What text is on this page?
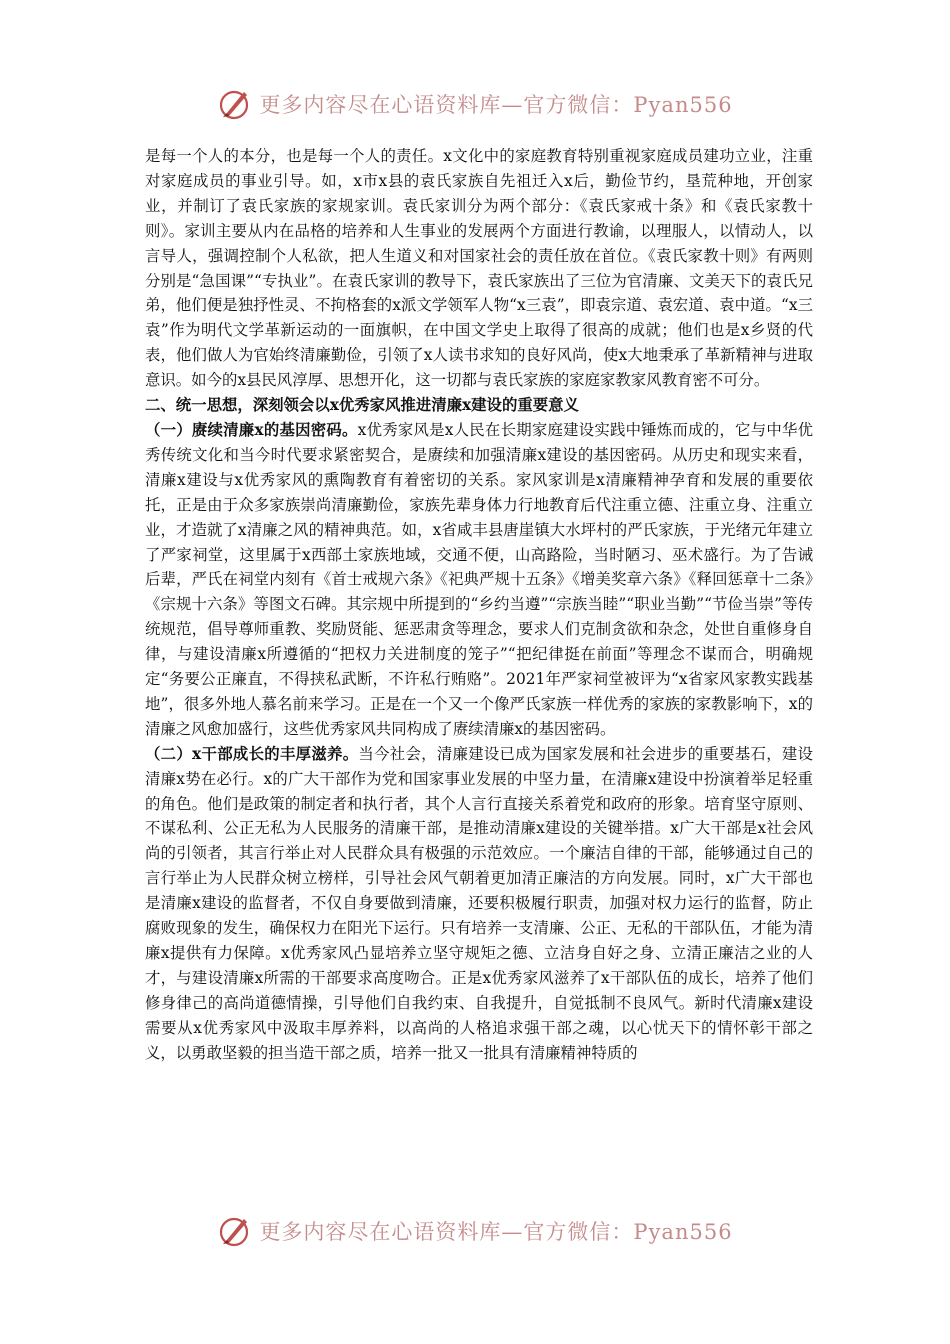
更多内容尽在心语资料库—官方微信：Pyan556

是每一个人的本分，也是每一个人的责任。x文化中的家庭教育特别重视家庭成员建功立业，注重对家庭成员的事业引导。如，x市x县的袁氏家族自先祖迁入x后，勤俭节约，垦荒种地，开创家业，并制订了袁氏家族的家规家训。袁氏家训分为两个部分：《袁氏家戒十条》和《袁氏家教十则》。家训主要从内在品格的培养和人生事业的发展两个方面进行教谕，以理服人，以情动人，以言导人，强调控制个人私欲，把人生道义和对国家社会的责任放在首位。《袁氏家教十则》有两则分别是“急国课”“专执业”。在袁氏家训的教导下，袁氏家族出了三位为官清廉、文美天下的袁氏兄弟，他们便是独抒性灵、不拘格套的x派文学领军人物“x三袁”，即袁宗道、袁宏道、袁中道。“x三袁”作为明代文学革新运动的一面旗帜，在中国文学史上取得了很高的成就；他们也是x乡贤的代表，他们做人为官始终清廉勤俭，引领了x人读书求知的良好风尚，使x大地秉承了革新精神与进取意识。如今的x县民风淳厚、思想开化，这一切都与袁氏家族的家庭家教家风教育密不可分。

二、统一思想，深刻领会以x优秀家风推进清廉x建设的重要意义

（一）赓续清廉x的基因密码。x优秀家风是x人民在长期家庭建设实践中锤炼而成的，它与中华优秀传统文化和当今时代要求紧密契合，是赓续和加强清廉x建设的基因密码。从历史和现实来看，清廉x建设与x优秀家风的熏陶教育有着密切的关系。家风家训是x清廉精神孕育和发展的重要依托，正是由于众多家族崇尚清廉勤俭，家族先辈身体力行地教育后代注重立德、注重立身、注重立业，才造就了x清廉之风的精神典范。如，x省咸丰县唐崖镇大水坪村的严氏家族，于光绪元年建立了严家祠堂，这里属于x西部土家族地域，交通不便，山高路险，当时陋习、巫术盛行。为了告诫后辈，严氏在祠堂内刻有《首士戒规六条》《祀典严规十五条》《增美奖章六条》《释回惩章十二条》《宗规十六条》等图文石碑。其宗规中所提到的“乡约当遵”“宗族当睦”“职业当勤”“节俭当崇”等传统规范，倡导尊师重教、奖励贤能、惩恶肃贪等理念，要求人们克制贪欲和杂念，处世自重修身自律，与建设清廉x所遵循的“把权力关进制度的笼子”“把纪律挺在前面”等理念不谋而合，明确规定“务要公正廉直，不得挟私武断，不许私行贿赂”。2021年严家祠堂被评为“x省家风家教实践基地”，很多外地人慕名前来学习。正是在一个又一个像严氏家族一样优秀的家族的家教影响下，x的清廉之风愈加盛行，这些优秀家风共同构成了赓续清廉x的基因密码。

（二）x干部成长的丰厚滋养。当今社会，清廉建设已成为国家发展和社会进步的重要基石，建设清廉x势在必行。x的广大干部作为党和国家事业发展的中坚力量，在清廉x建设中扮演着举足轻重的角色。他们是政策的制定者和执行者，其个人言行直接关系着党和政府的形象。培育坚守原则、不谋私利、公正无私为人民服务的清廉干部，是推动清廉x建设的关键举措。x广大干部是x社会风尚的引领者，其言行举止对人民群众具有极强的示范效应。一个廉洁自律的干部，能够通过自己的言行举止为人民群众树立榜样，引导社会风气朝着更加清正廉洁的方向发展。同时，x广大干部也是清廉x建设的监督者，不仅自身要做到清廉，还要积极履行职责，加强对权力运行的监督，防止腐败现象的发生，确保权力在阳光下运行。只有培养一支清廉、公正、无私的干部队伍，才能为清廉x提供有力保障。x优秀家风凸显培养立坚守规矩之德、立洁身自好之身、立清正廉洁之业的人才，与建设清廉x所需的干部要求高度吻合。正是x优秀家风滋养了x干部队伍的成长，培养了他们修身律己的高尚道德情操，引导他们自我约束、自我提升，自觉抵制不良风气。新时代清廉x建设需要从x优秀家风中汲取丰厚养料，以高尚的人格追求强干部之魂，以心忧天下的情怀彰干部之义，以勇敢坚毅的担当造干部之质，培养一批又一批具有清廉精神特质的

更多内容尽在心语资料库—官方微信：Pyan556
